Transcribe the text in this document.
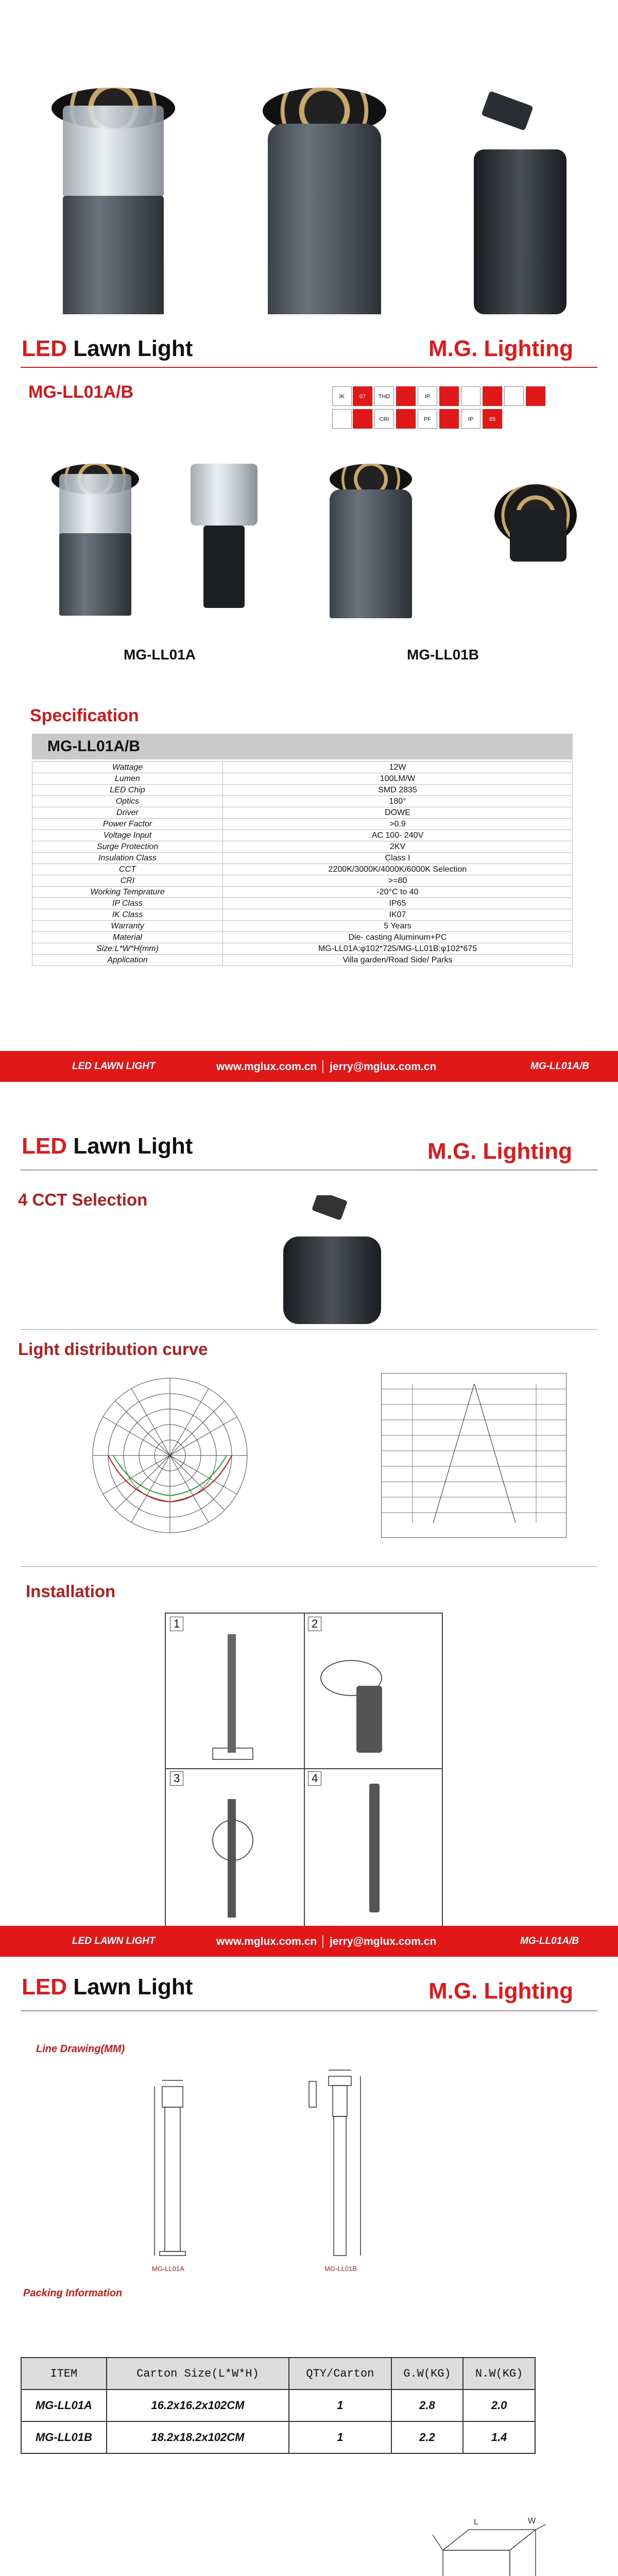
LED Lawn Light	M.G. Lighting
MG-LL01A/B	IK	07	THD	IP
CRI	PF	IP	65
MG-LL01A	MG-LL01B
Specification
MG-LL01A/B
Wattage	12W
Lumen	100LM/W
LED Chip	SMD 2835
Optics	180°
Driver	DOWE
Power Factor	>0.9
Voltage Input	AC 100- 240V
Surge Protection	2KV
Insulation Class	Class I
CCT	2200K/3000K/4000K/6000K Selection
CRI	>=80
Working Temprature	-20°C to 40
IP Class	IP65
IK Class	IK07
Warranty	5 Years
Material	Die- casting Aluminum+PC
Size:L*W*H(mm)	MG-LL01A:φ102*725/MG-LL01B:φ102*675
Application	Villa garden/Road Side/ Parks
LED LAWN LIGHT	www.mglux.com.cn │ jerry@mglux.com.cn	MG-LL01A/B
LED Lawn Light	M.G. Lighting
4 CCT Selection
Light distribution curve
Installation
1	2
3	4
LED LAWN LIGHT	www.mglux.com.cn │ jerry@mglux.com.cn	MG-LL01A/B
LED Lawn Light	M.G. Lighting
Line Drawing(MM)
MG-LL01A	MG-LL01B
Packing Information
ITEM	Carton Size(L*W*H)	QTY/Carton	G.W(KG)	N.W(KG)
MG-LL01A	16.2x16.2x102CM	1	2.8	2.0
MG-LL01B	18.2x18.2x102CM	1	2.2	1.4
L	W
